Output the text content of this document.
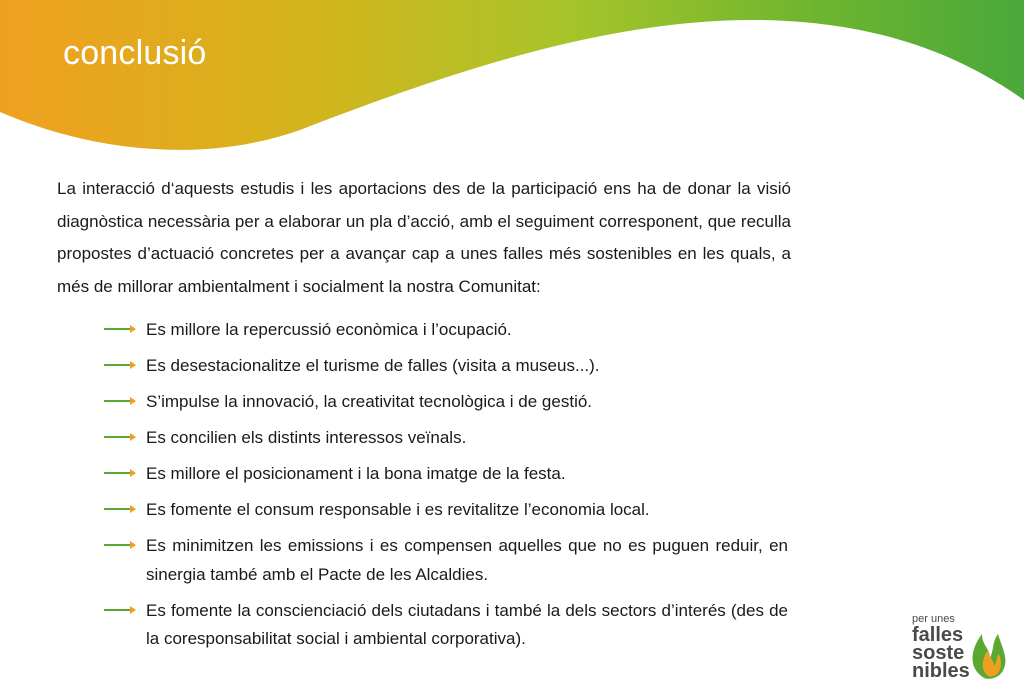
conclusió

La interacció d‘aquests estudis i les aportacions des de la participació ens ha de donar la visió diagnòstica necessària per a elaborar un pla d’acció, amb el seguiment corresponent, que reculla propostes d’actuació concretes per a avançar cap a unes falles més sostenibles en les quals, a més de millorar ambientalment i socialment la nostra Comunitat:

Es millore la repercussió econòmica i l’ocupació.
Es desestacionalitze el turisme de falles (visita a museus...).
S’impulse la innovació, la creativitat tecnològica i de gestió.
Es concilien els distints interessos veïnals.
Es millore el posicionament i la bona imatge de la festa.
Es fomente el consum responsable i es revitalitze l’economia local.
Es minimitzen les emissions i es compensen aquelles que no es puguen reduir, en sinergia també amb el Pacte de les Alcaldies.
Es fomente la conscienciació dels ciutadans i també la dels sectors d’interés (des de la coresponsabilitat social i ambiental corporativa).
per unes
falles
soste
nibles
